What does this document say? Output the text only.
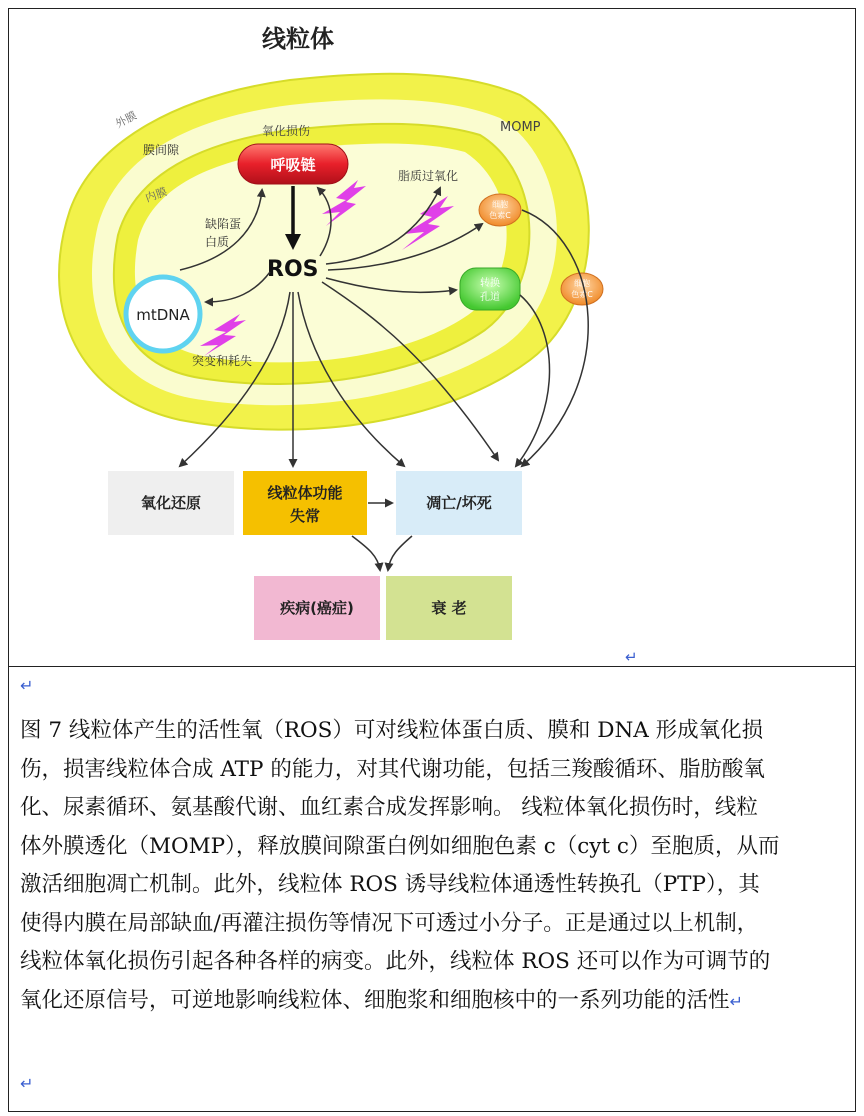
线粒体
外膜
内膜
膜间隙
MOMP
氧化损伤
呼吸链
ROS
缺陷蛋
白质
脂质过氧化
mtDNA
突变和耗失
细胞
色素C
细胞
色素C
转换
孔道
氧化还原
线粒体功能
失常
凋亡/坏死
疾病(癌症)	衰 老
↵
↵
图 7 线粒体产生的活性氧（ROS）可对线粒体蛋白质、膜和 DNA 形成氧化损
伤，损害线粒体合成 ATP 的能力，对其代谢功能，包括三羧酸循环、脂肪酸氧
化、尿素循环、氨基酸代谢、血红素合成发挥影响。 线粒体氧化损伤时，线粒
体外膜透化（MOMP），释放膜间隙蛋白例如细胞色素 c（cyt c）至胞质，从而
激活细胞凋亡机制。此外，线粒体 ROS 诱导线粒体通透性转换孔（PTP），其
使得内膜在局部缺血/再灌注损伤等情况下可透过小分子。正是通过以上机制，
线粒体氧化损伤引起各种各样的病变。此外，线粒体 ROS 还可以作为可调节的
氧化还原信号，可逆地影响线粒体、细胞浆和细胞核中的一系列功能的活性↵
↵
